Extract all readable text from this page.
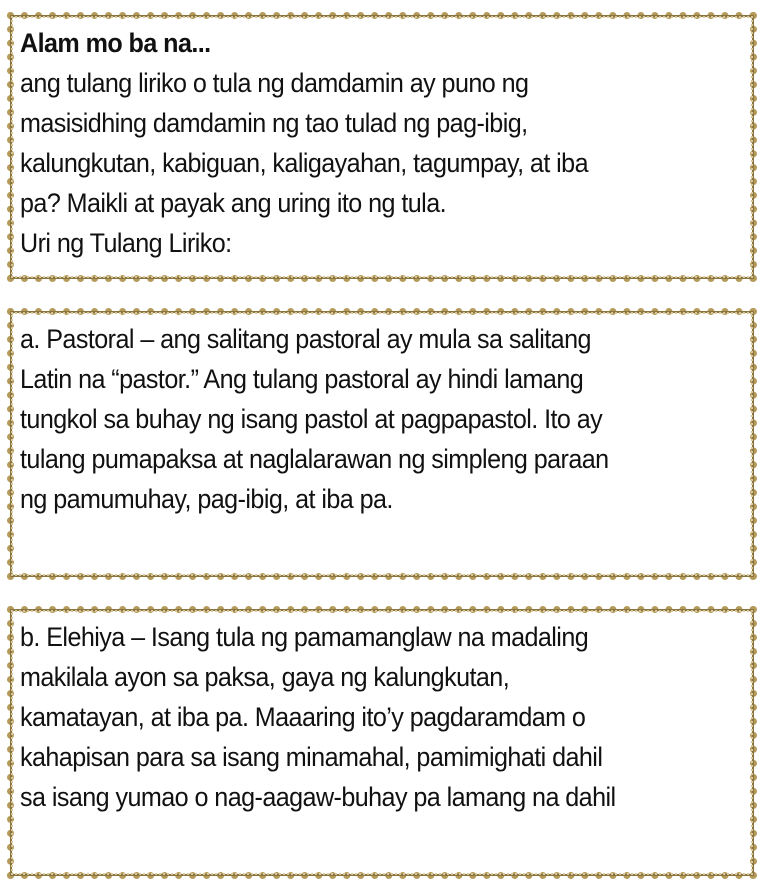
Alam mo ba na...
ang tulang liriko o tula ng damdamin ay puno ng
masisidhing damdamin ng tao tulad ng pag-ibig,
kalungkutan, kabiguan, kaligayahan, tagumpay, at iba
pa? Maikli at payak ang uring ito ng tula.
Uri ng Tulang Liriko:
a. Pastoral – ang salitang pastoral ay mula sa salitang
Latin na “pastor.” Ang tulang pastoral ay hindi lamang
tungkol sa buhay ng isang pastol at pagpapastol. Ito ay
tulang pumapaksa at naglalarawan ng simpleng paraan
ng pamumuhay, pag-ibig, at iba pa.
b. Elehiya – Isang tula ng pamamanglaw na madaling
makilala ayon sa paksa, gaya ng kalungkutan,
kamatayan, at iba pa. Maaaring ito’y pagdaramdam o
kahapisan para sa isang minamahal, pamimighati dahil
sa isang yumao o nag-aagaw-buhay pa lamang na dahil
